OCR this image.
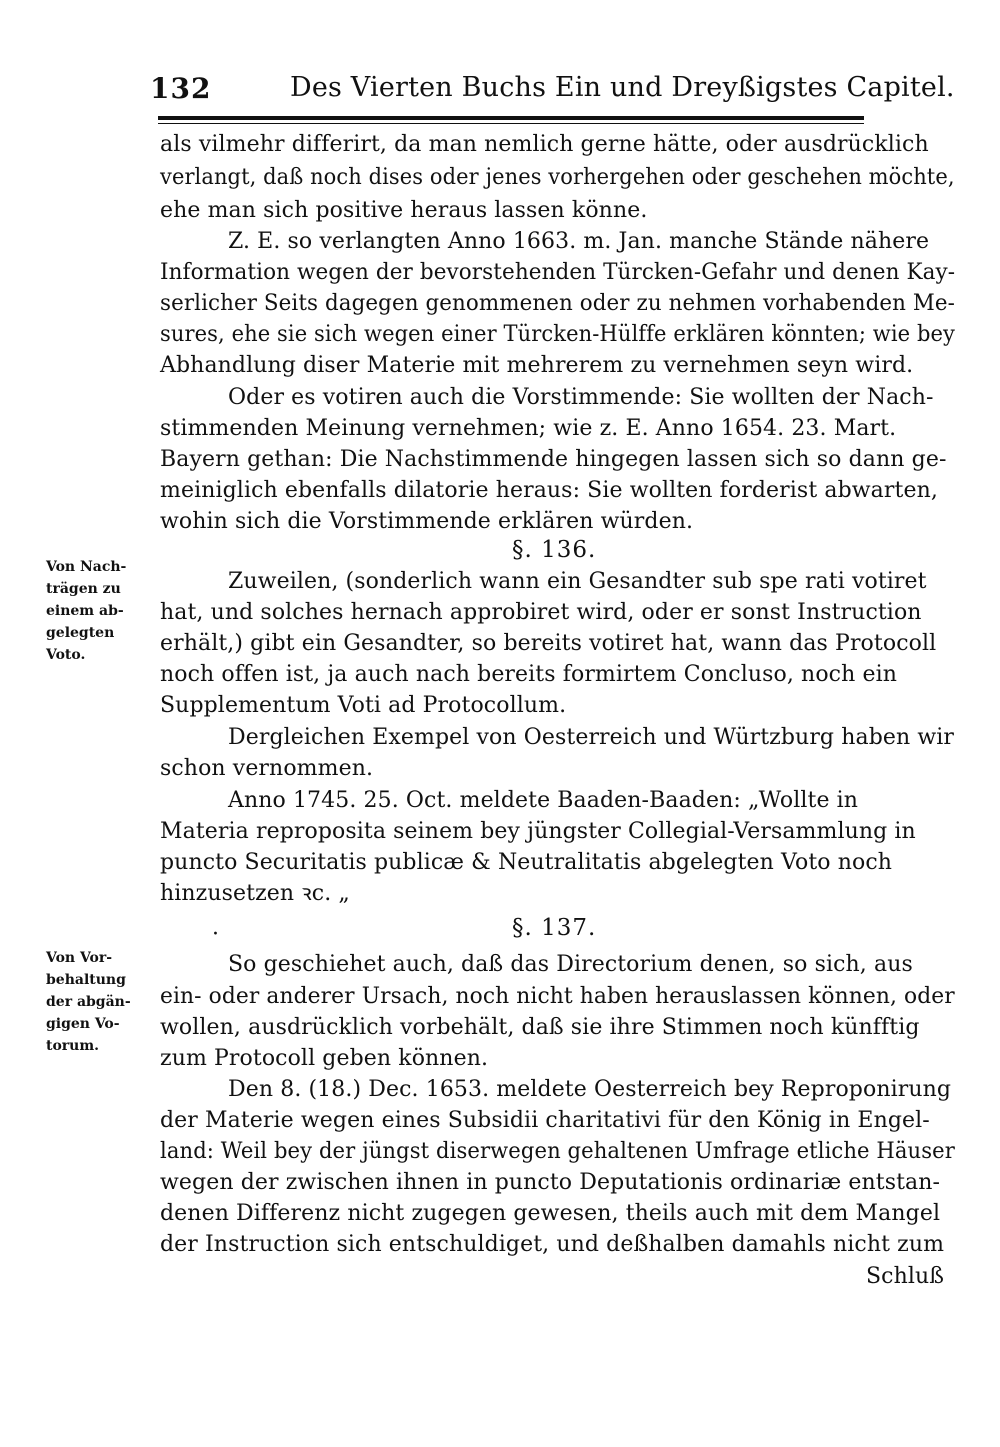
132	Des Vierten Buchs Ein und Dreyßigstes Capitel.
als vilmehr differirt, da man nemlich gerne hätte, oder ausdrücklich
verlangt, daß noch dises oder jenes vorhergehen oder geschehen möchte,
ehe man sich positive heraus lassen könne.
Z. E. so verlangten Anno 1663. m. Jan. manche Stände nähere
Information wegen der bevorstehenden Türcken-Gefahr und denen Kay-
serlicher Seits dagegen genommenen oder zu nehmen vorhabenden Me-
sures, ehe sie sich wegen einer Türcken-Hülffe erklären könnten; wie bey
Abhandlung diser Materie mit mehrerem zu vernehmen seyn wird.
Oder es votiren auch die Vorstimmende: Sie wollten der Nach-
stimmenden Meinung vernehmen; wie z. E. Anno 1654. 23. Mart.
Bayern gethan: Die Nachstimmende hingegen lassen sich so dann ge-
meiniglich ebenfalls dilatorie heraus: Sie wollten forderist abwarten,
wohin sich die Vorstimmende erklären würden.
§. 136.
Von Nach-
trägen zu
einem ab-
gelegten
Voto.
Zuweilen, (sonderlich wann ein Gesandter sub spe rati votiret
hat, und solches hernach approbiret wird, oder er sonst Instruction
erhält,) gibt ein Gesandter, so bereits votiret hat, wann das Protocoll
noch offen ist, ja auch nach bereits formirtem Concluso, noch ein
Supplementum Voti ad Protocollum.
Dergleichen Exempel von Oesterreich und Würtzburg haben wir
schon vernommen.
Anno 1745. 25. Oct. meldete Baaden-Baaden: „Wollte in
Materia reproposita seinem bey jüngster Collegial-Versammlung in
puncto Securitatis publicæ & Neutralitatis abgelegten Voto noch
hinzusetzen ꝛc. „
·	§. 137.
Von Vor-
behaltung
der abgän-
gigen Vo-
torum.
So geschiehet auch, daß das Directorium denen, so sich, aus
ein- oder anderer Ursach, noch nicht haben herauslassen können, oder
wollen, ausdrücklich vorbehält, daß sie ihre Stimmen noch künfftig
zum Protocoll geben können.
Den 8. (18.) Dec. 1653. meldete Oesterreich bey Reproponirung
der Materie wegen eines Subsidii charitativi für den König in Engel-
land: Weil bey der jüngst diserwegen gehaltenen Umfrage etliche Häuser
wegen der zwischen ihnen in puncto Deputationis ordinariæ entstan-
denen Differenz nicht zugegen gewesen, theils auch mit dem Mangel
der Instruction sich entschuldiget, und deßhalben damahls nicht zum
Schluß
